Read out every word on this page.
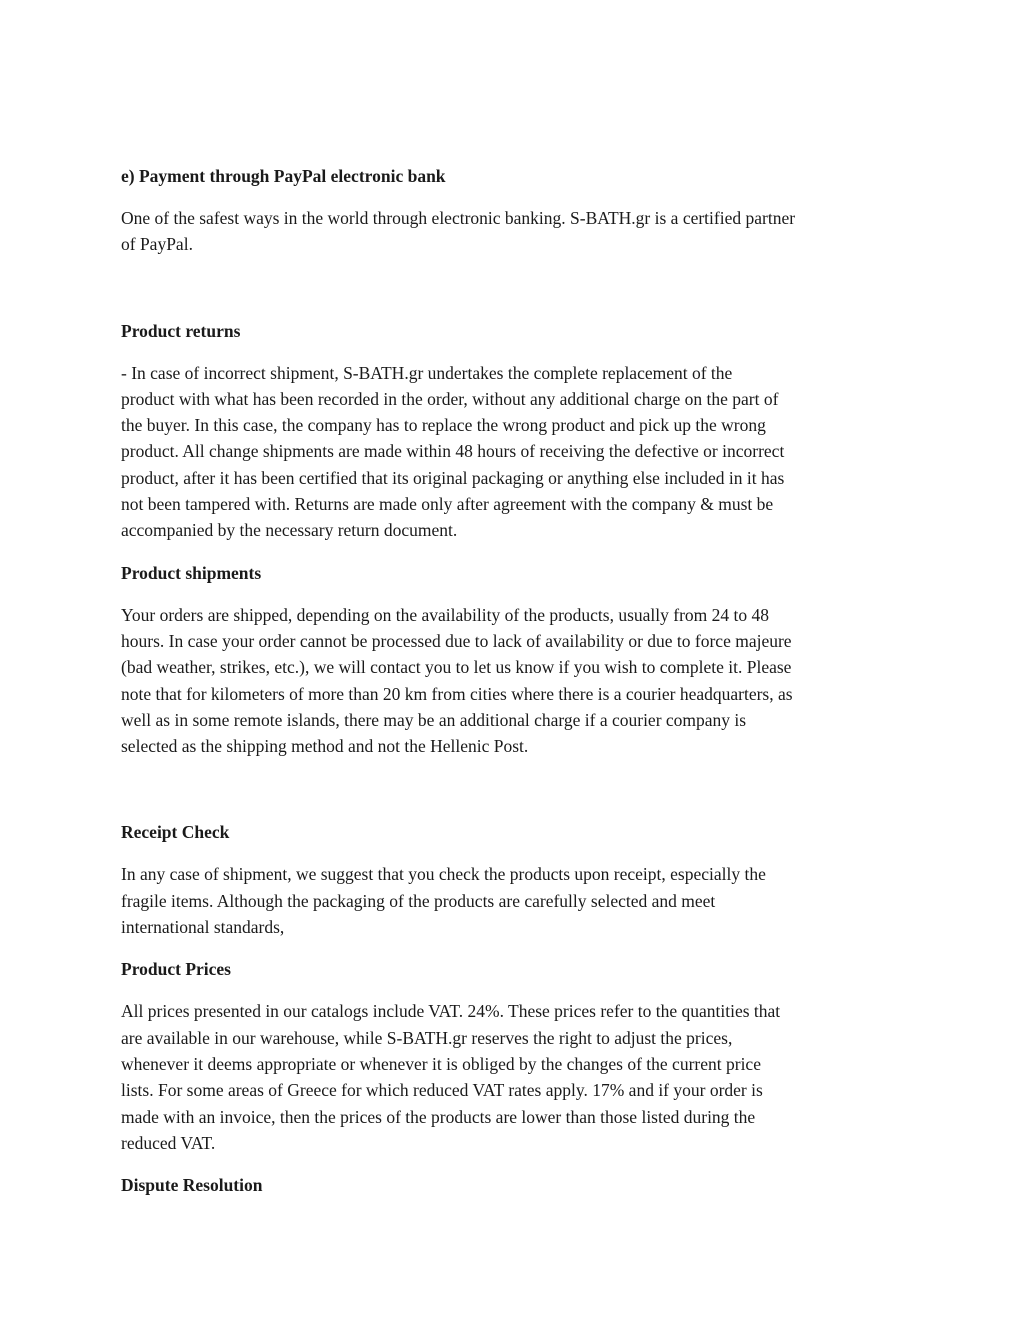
e) Payment through PayPal electronic bank

One of the safest ways in the world through electronic banking. S-BATH.gr is a certified partner
of PayPal.

Product returns

- In case of incorrect shipment, S-BATH.gr undertakes the complete replacement of the
product with what has been recorded in the order, without any additional charge on the part of
the buyer. In this case, the company has to replace the wrong product and pick up the wrong
product. All change shipments are made within 48 hours of receiving the defective or incorrect
product, after it has been certified that its original packaging or anything else included in it has
not been tampered with. Returns are made only after agreement with the company & must be
accompanied by the necessary return document.

Product shipments

Your orders are shipped, depending on the availability of the products, usually from 24 to 48
hours. In case your order cannot be processed due to lack of availability or due to force majeure
(bad weather, strikes, etc.), we will contact you to let us know if you wish to complete it. Please
note that for kilometers of more than 20 km from cities where there is a courier headquarters, as
well as in some remote islands, there may be an additional charge if a courier company is
selected as the shipping method and not the Hellenic Post.

Receipt Check

In any case of shipment, we suggest that you check the products upon receipt, especially the
fragile items. Although the packaging of the products are carefully selected and meet
international standards,

Product Prices

All prices presented in our catalogs include VAT. 24%. These prices refer to the quantities that
are available in our warehouse, while S-BATH.gr reserves the right to adjust the prices,
whenever it deems appropriate or whenever it is obliged by the changes of the current price
lists. For some areas of Greece for which reduced VAT rates apply. 17% and if your order is
made with an invoice, then the prices of the products are lower than those listed during the
reduced VAT.

Dispute Resolution
